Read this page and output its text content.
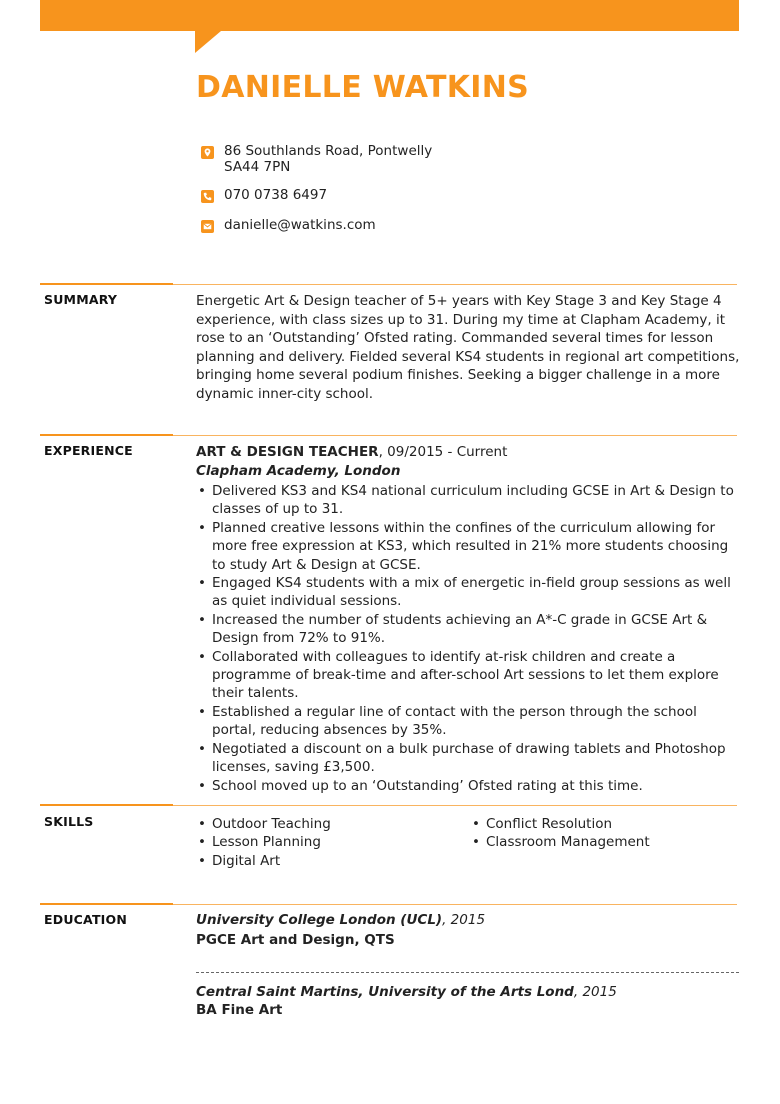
DANIELLE WATKINS
86 Southlands Road, Pontwelly SA44 7PN
070 0738 6497
danielle@watkins.com
SUMMARY	Energetic Art & Design teacher of 5+ years with Key Stage 3 and Key Stage 4 experience, with class sizes up to 31. During my time at Clapham Academy, it rose to an ‘Outstanding’ Ofsted rating. Commanded several times for lesson planning and delivery. Fielded several KS4 students in regional art competitions, bringing home several podium finishes. Seeking a bigger challenge in a more dynamic inner-city school.
EXPERIENCE	ART & DESIGN TEACHER, 09/2015 - Current
Clapham Academy, London
• Delivered KS3 and KS4 national curriculum including GCSE in Art & Design to classes of up to 31.
• Planned creative lessons within the confines of the curriculum allowing for more free expression at KS3, which resulted in 21% more students choosing to study Art & Design at GCSE.
• Engaged KS4 students with a mix of energetic in-field group sessions as well as quiet individual sessions.
• Increased the number of students achieving an A*-C grade in GCSE Art & Design from 72% to 91%.
• Collaborated with colleagues to identify at-risk children and create a programme of break-time and after-school Art sessions to let them explore their talents.
• Established a regular line of contact with the person through the school portal, reducing absences by 35%.
• Negotiated a discount on a bulk purchase of drawing tablets and Photoshop licenses, saving £3,500.
• School moved up to an ‘Outstanding’ Ofsted rating at this time.
SKILLS
•	Outdoor Teaching
• Lesson Planning
• Digital Art
• Conflict Resolution
• Classroom Management
EDUCATION	University College London (UCL), 2015
PGCE Art and Design, QTS
Central Saint Martins, University of the Arts Lond, 2015
BA Fine Art
